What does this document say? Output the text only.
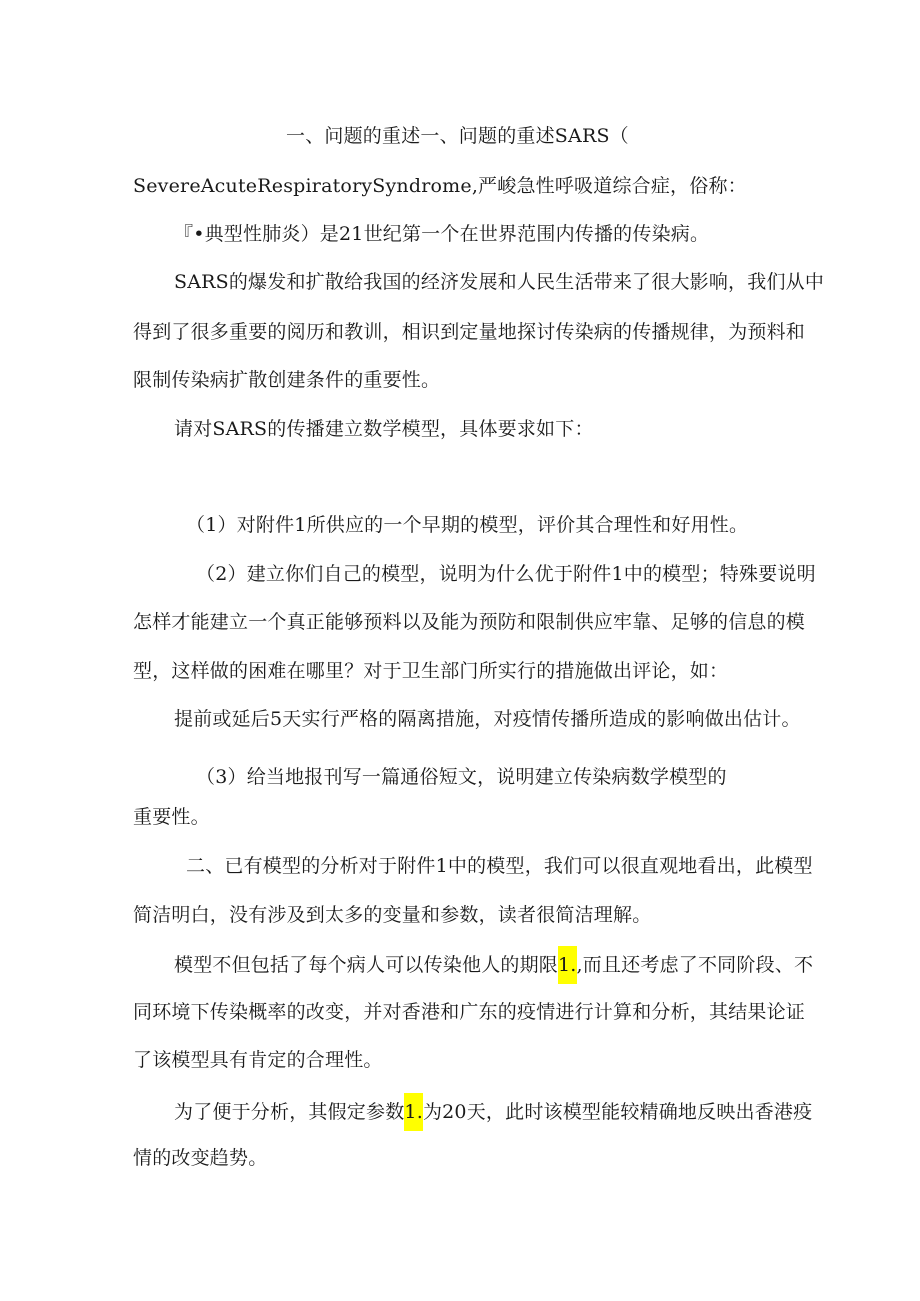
一、问题的重述一、问题的重述SARS（
SevereAcuteRespiratorySyndrome,严峻急性呼吸道综合症，俗称：
『•典型性肺炎）是21世纪第一个在世界范围内传播的传染病。
SARS的爆发和扩散给我国的经济发展和人民生活带来了很大影响，我们从中
得到了很多重要的阅历和教训，相识到定量地探讨传染病的传播规律，为预料和
限制传染病扩散创建条件的重要性。
请对SARS的传播建立数学模型，具体要求如下：
（1）对附件1所供应的一个早期的模型，评价其合理性和好用性。
（2）建立你们自己的模型，说明为什么优于附件1中的模型；特殊要说明
怎样才能建立一个真正能够预料以及能为预防和限制供应牢靠、足够的信息的模
型，这样做的困难在哪里？对于卫生部门所实行的措施做出评论，如：
提前或延后5天实行严格的隔离措施，对疫情传播所造成的影响做出估计。
（3）给当地报刊写一篇通俗短文，说明建立传染病数学模型的
重要性。
二、已有模型的分析对于附件1中的模型，我们可以很直观地看出，此模型
简洁明白，没有涉及到太多的变量和参数，读者很简洁理解。
模型不但包括了每个病人可以传染他人的期限1.,而且还考虑了不同阶段、不
同环境下传染概率的改变，并对香港和广东的疫情进行计算和分析，其结果论证
了该模型具有肯定的合理性。
为了便于分析，其假定参数1.为20天，此时该模型能较精确地反映出香港疫
情的改变趋势。
